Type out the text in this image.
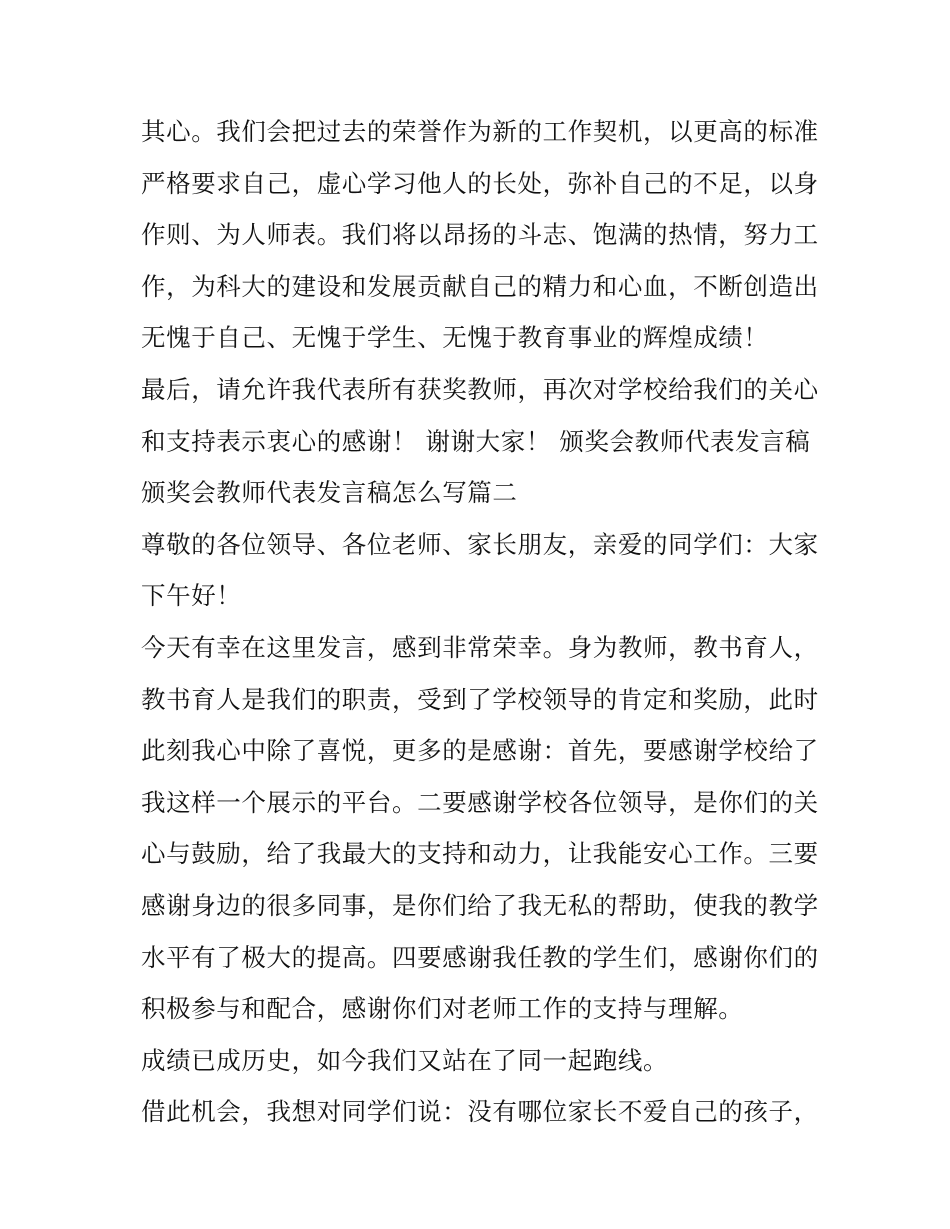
其心。我们会把过去的荣誉作为新的工作契机，以更高的标准
严格要求自己，虚心学习他人的长处，弥补自己的不足，以身
作则、为人师表。我们将以昂扬的斗志、饱满的热情，努力工
作，为科大的建设和发展贡献自己的精力和心血，不断创造出
无愧于自己、无愧于学生、无愧于教育事业的辉煌成绩！
最后，请允许我代表所有获奖教师，再次对学校给我们的关心
和支持表示衷心的感谢！ 谢谢大家！ 颁奖会教师代表发言稿
颁奖会教师代表发言稿怎么写篇二
尊敬的各位领导、各位老师、家长朋友，亲爱的同学们：大家
下午好！
今天有幸在这里发言，感到非常荣幸。身为教师，教书育人，
教书育人是我们的职责，受到了学校领导的肯定和奖励，此时
此刻我心中除了喜悦，更多的是感谢：首先，要感谢学校给了
我这样一个展示的平台。二要感谢学校各位领导，是你们的关
心与鼓励，给了我最大的支持和动力，让我能安心工作。三要
感谢身边的很多同事，是你们给了我无私的帮助，使我的教学
水平有了极大的提高。四要感谢我任教的学生们，感谢你们的
积极参与和配合，感谢你们对老师工作的支持与理解。
成绩已成历史，如今我们又站在了同一起跑线。
借此机会，我想对同学们说：没有哪位家长不爱自己的孩子，
